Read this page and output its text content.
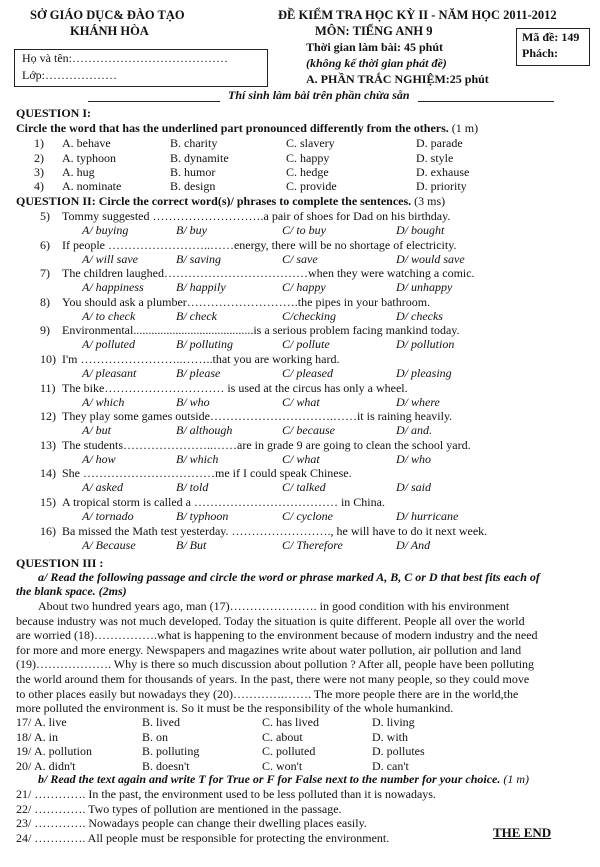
SỞ GIÁO DỤC& ĐÀO TẠO
KHÁNH HÒA
ĐỀ KIỂM TRA HỌC KỲ II - NĂM HỌC 2011-2012
MÔN: TIẾNG ANH 9
Thời gian làm bài: 45 phút
(không kể thời gian phát đề)
A. PHẦN TRẮC NGHIỆM:25 phút
Họ và tên:…………………………………
Lớp:………………
Mã đề: 149
Phách:
Thí sinh làm bài trên phần chừa sẵn
QUESTION I:
Circle the word that has the underlined part pronounced differently from the others. (1 m)
1) A. behave	B. charity	C. slavery	D. parade
2) A. typhoon	B. dynamite	C. happy	D. style
3) A. hug	B. humor	C. hedge	D. exhause
4) A. nominate	B. design	C. provide	D. priority
QUESTION II: Circle the correct word(s)/ phrases to complete the sentences. (3 ms)
5) Tommy suggested ……………………….a pair of shoes for Dad on his birthday.
A/ buying	B/ buy	C/ to buy	D/ bought
6) If people ……………………..……energy, there will be no shortage of electricity.
A/ will save	B/ saving	C/ save	D/ would save
7) The children laughed………………………………when they were watching a comic.
A/ happiness	B/ happily	C/ happy	D/ unhappy
8) You should ask a plumber……………………….the pipes in your bathroom.
A/ to check	B/ check	C/checking	D/ checks
9) Environmental........................................is a serious problem facing mankind today.
A/ polluted	B/ polluting	C/ pollute	D/ pollution
10) I'm ……………………..……..that you are working hard.
A/ pleasant	B/ please	C/ pleased	D/ pleasing
11) The bike………………………… is used at the circus has only a wheel.
A/ which	B/ who	C/ what	D/ where
12) They play some games outside………………………….……it is raining heavily.
A/ but	B/ although	C/ because	D/ and.
13) The students…………………..……are in grade 9 are going to clean the school yard.
A/ how	B/ which	C/ what	D/ who
14) She ……………………………me if I could speak Chinese.
A/ asked	B/ told	C/ talked	D/ said
15) A tropical storm is called a ……………………………… in China.
A/ tornado	B/ typhoon	C/ cyclone	D/ hurricane
16) Ba missed the Math test yesterday. ……………………., he will have to do it next week.
A/ Because	B/ But	C/ Therefore	D/ And
QUESTION III :
a/ Read the following passage and circle the word or phrase marked A, B, C or D that best fits each of
the blank space. (2ms)
About two hundred years ago, man (17)…………………. in good condition with his environment
because industry was not much developed. Today the situation is quite different. People all over the world
are worried (18)…………….what is happening to the environment because of modern industry and the need
for more and more energy. Newspapers and magazines write about water pollution, air pollution and land
(19)………………. Why is there so much discussion about pollution ? After all, people have been polluting
the world around them for thousands of years. In the past, there were not many people, so they could move
to other places easily but nowadays they (20)………….……. The more people there are in the world,the
more polluted the environment is. So it must be the responsibility of the whole humankind.
17/ A. live	B. lived	C. has lived	D. living
18/ A. in	B. on	C. about	D. with
19/ A. pollution	B. polluting	C. polluted	D. pollutes
20/ A. didn't	B. doesn't	C. won't	D. can't
b/ Read the text again and write T for True or F for False next to the number for your choice. (1 m)
21/ …………. In the past, the environment used to be less polluted than it is nowadays.
22/ …………. Two types of pollution are mentioned in the passage.
23/ …………. Nowadays people can change their dwelling places easily.
24/ …………. All people must be responsible for protecting the environment.	THE END
